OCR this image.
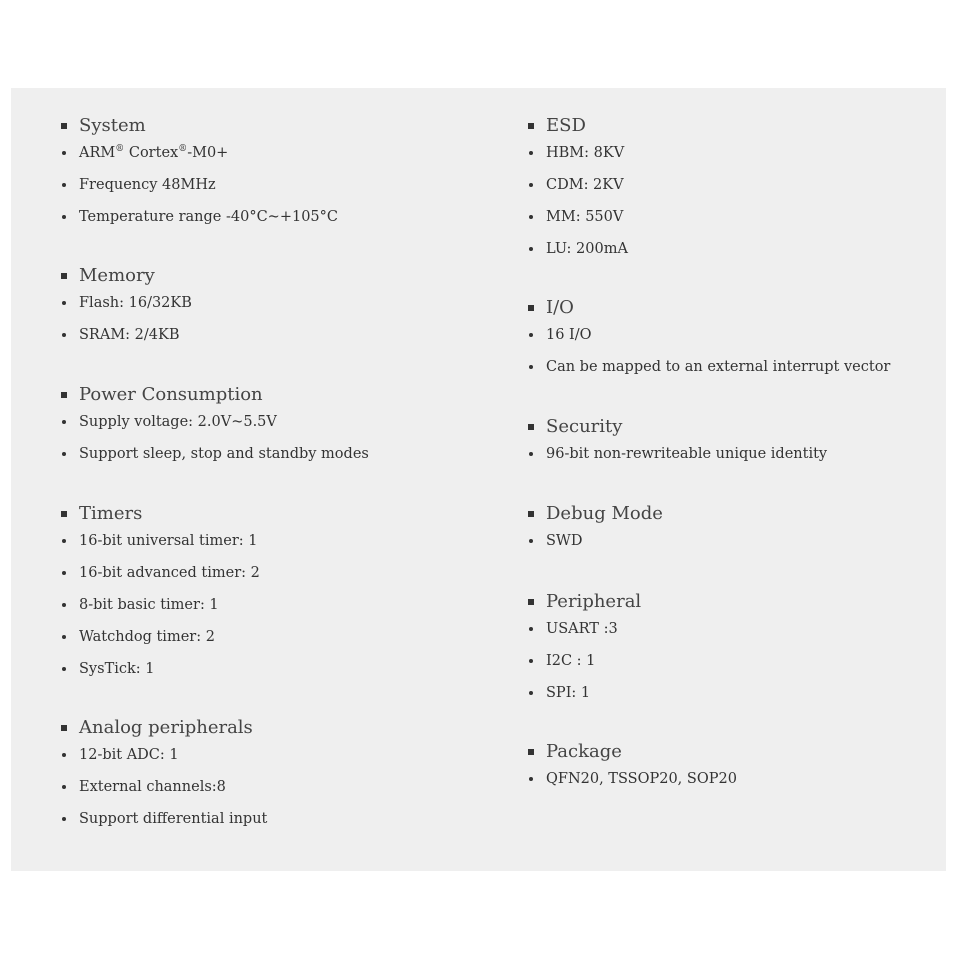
System
ARM® Cortex®-M0+
Frequency 48MHz
Temperature range -40°C~+105°C
Memory
Flash: 16/32KB
SRAM: 2/4KB
Power Consumption
Supply voltage: 2.0V~5.5V
Support sleep, stop and standby modes
Timers
16-bit universal timer: 1
16-bit advanced timer: 2
8-bit basic timer: 1
Watchdog timer: 2
SysTick: 1
Analog peripherals
12-bit ADC: 1
External channels:8
Support differential input
ESD
HBM: 8KV
CDM: 2KV
MM: 550V
LU: 200mA
I/O
16 I/O
Can be mapped to an external interrupt vector
Security
96-bit non-rewriteable unique identity
Debug Mode
SWD
Peripheral
USART :3
I2C : 1
SPI: 1
Package
QFN20, TSSOP20, SOP20
